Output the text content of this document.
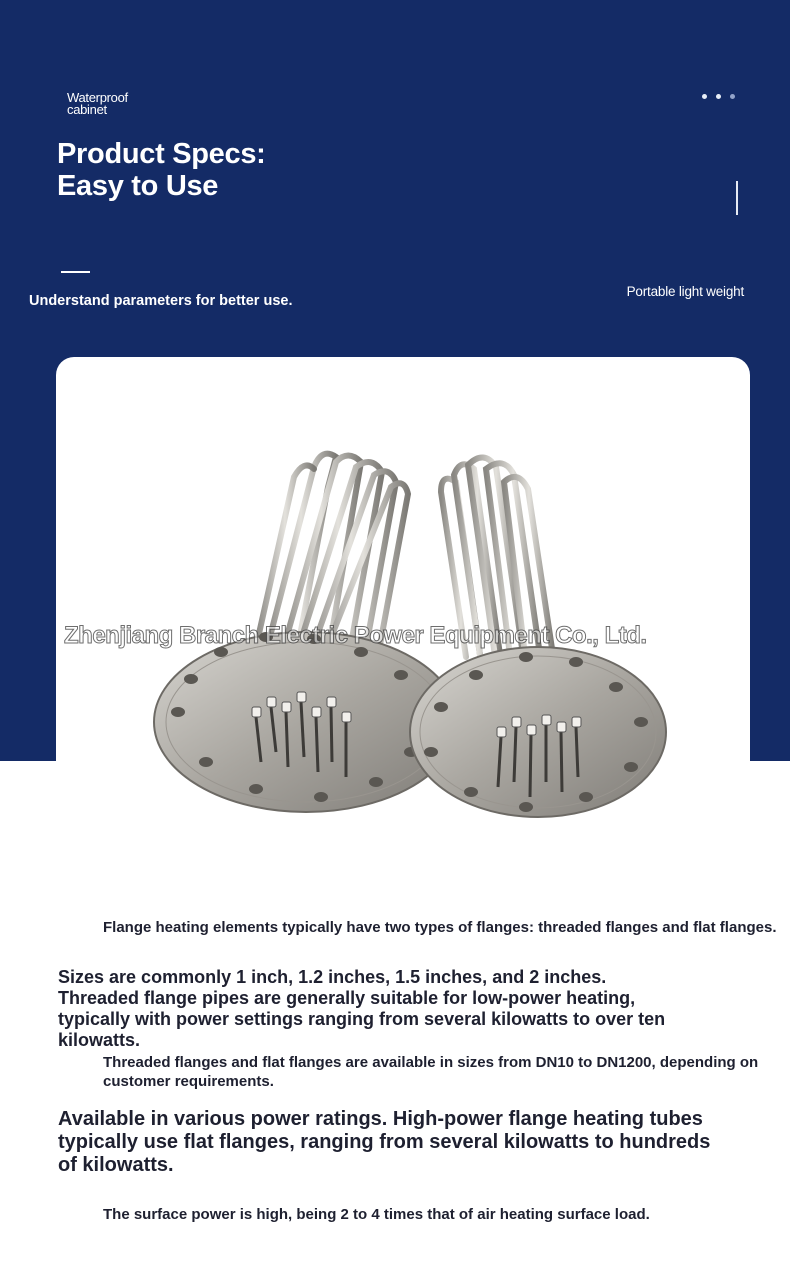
Waterproof cabinet
Product Specs: Easy to Use
Understand parameters for better use.
Portable light weight
Zhenjiang Branch Electric Power Equipment Co., Ltd.

Flange heating elements typically have two types of flanges: threaded flanges and flat flanges.

Sizes are commonly 1 inch, 1.2 inches, 1.5 inches, and 2 inches. Threaded flange pipes are generally suitable for low-power heating, typically with power settings ranging from several kilowatts to over ten kilowatts.

Threaded flanges and flat flanges are available in sizes from DN10 to DN1200, depending on customer requirements.

Available in various power ratings. High-power flange heating tubes typically use flat flanges, ranging from several kilowatts to hundreds of kilowatts.

The surface power is high, being 2 to 4 times that of air heating surface load.
